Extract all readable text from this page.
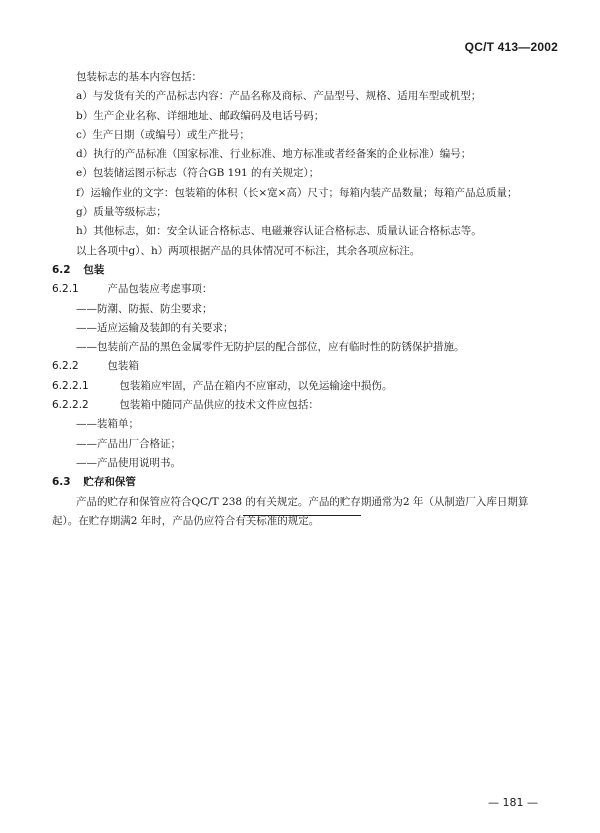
QC/T 413—2002
包装标志的基本内容包括：
a）与发货有关的产品标志内容：产品名称及商标、产品型号、规格、适用车型或机型；
b）生产企业名称、详细地址、邮政编码及电话号码；
c）生产日期（或编号）或生产批号；
d）执行的产品标准（国家标准、行业标准、地方标准或者经备案的企业标准）编号；
e）包装储运图示标志（符合GB 191 的有关规定）；
f）运输作业的文字：包装箱的体积（长×宽×高）尺寸；每箱内装产品数量；每箱产品总质量；
g）质量等级标志；
h）其他标志，如：安全认证合格标志、电磁兼容认证合格标志、质量认证合格标志等。
以上各项中g）、h）两项根据产品的具体情况可不标注，其余各项应标注。
6.2 包装
6.2.1	产品包装应考虑事项：
——防潮、防振、防尘要求；
——适应运输及装卸的有关要求；
——包装前产品的黑色金属零件无防护层的配合部位，应有临时性的防锈保护措施。
6.2.2	包装箱
6.2.2.1	包装箱应牢固，产品在箱内不应窜动，以免运输途中损伤。
6.2.2.2	包装箱中随同产品供应的技术文件应包括：
——装箱单；
——产品出厂合格证；
——产品使用说明书。
6.3 贮存和保管
产品的贮存和保管应符合QC/T 238 的有关规定。产品的贮存期通常为2 年（从制造厂入库日期算
起）。在贮存期满2 年时，产品仍应符合有关标准的规定。
— 181 —
